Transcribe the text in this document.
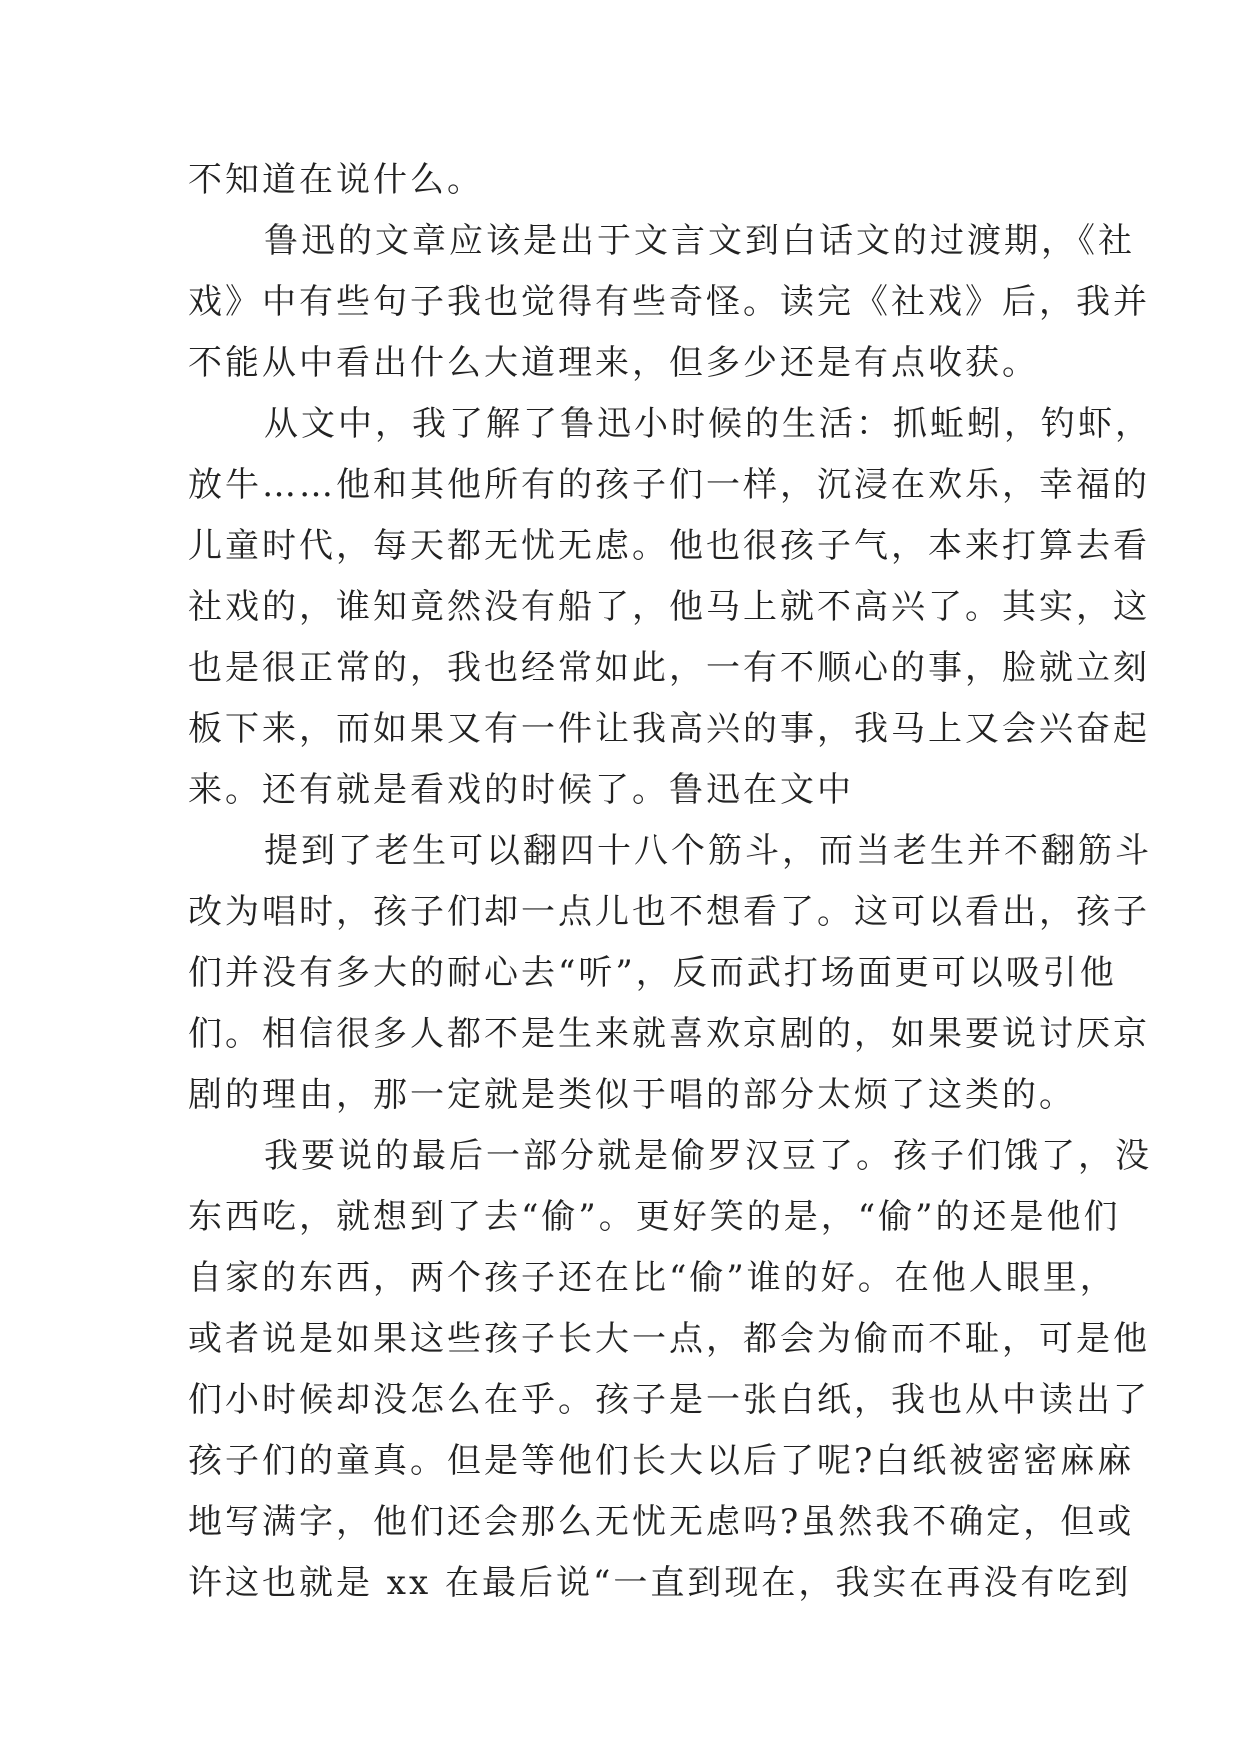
不知道在说什么。
鲁迅的文章应该是出于文言文到白话文的过渡期，《社
戏》中有些句子我也觉得有些奇怪。读完《社戏》后，我并
不能从中看出什么大道理来，但多少还是有点收获。
从文中，我了解了鲁迅小时候的生活：抓蚯蚓，钓虾，
放牛……他和其他所有的孩子们一样，沉浸在欢乐，幸福的
儿童时代，每天都无忧无虑。他也很孩子气，本来打算去看
社戏的，谁知竟然没有船了，他马上就不高兴了。其实，这
也是很正常的，我也经常如此，一有不顺心的事，脸就立刻
板下来，而如果又有一件让我高兴的事，我马上又会兴奋起
来。还有就是看戏的时候了。鲁迅在文中
提到了老生可以翻四十八个筋斗，而当老生并不翻筋斗
改为唱时，孩子们却一点儿也不想看了。这可以看出，孩子
们并没有多大的耐心去“听”，反而武打场面更可以吸引他
们。相信很多人都不是生来就喜欢京剧的，如果要说讨厌京
剧的理由，那一定就是类似于唱的部分太烦了这类的。
我要说的最后一部分就是偷罗汉豆了。孩子们饿了，没
东西吃，就想到了去“偷”。更好笑的是，“偷”的还是他们
自家的东西，两个孩子还在比“偷”谁的好。在他人眼里，
或者说是如果这些孩子长大一点，都会为偷而不耻，可是他
们小时候却没怎么在乎。孩子是一张白纸，我也从中读出了
孩子们的童真。但是等他们长大以后了呢?白纸被密密麻麻
地写满字，他们还会那么无忧无虑吗?虽然我不确定，但或
许这也就是 xx 在最后说“一直到现在，我实在再没有吃到
